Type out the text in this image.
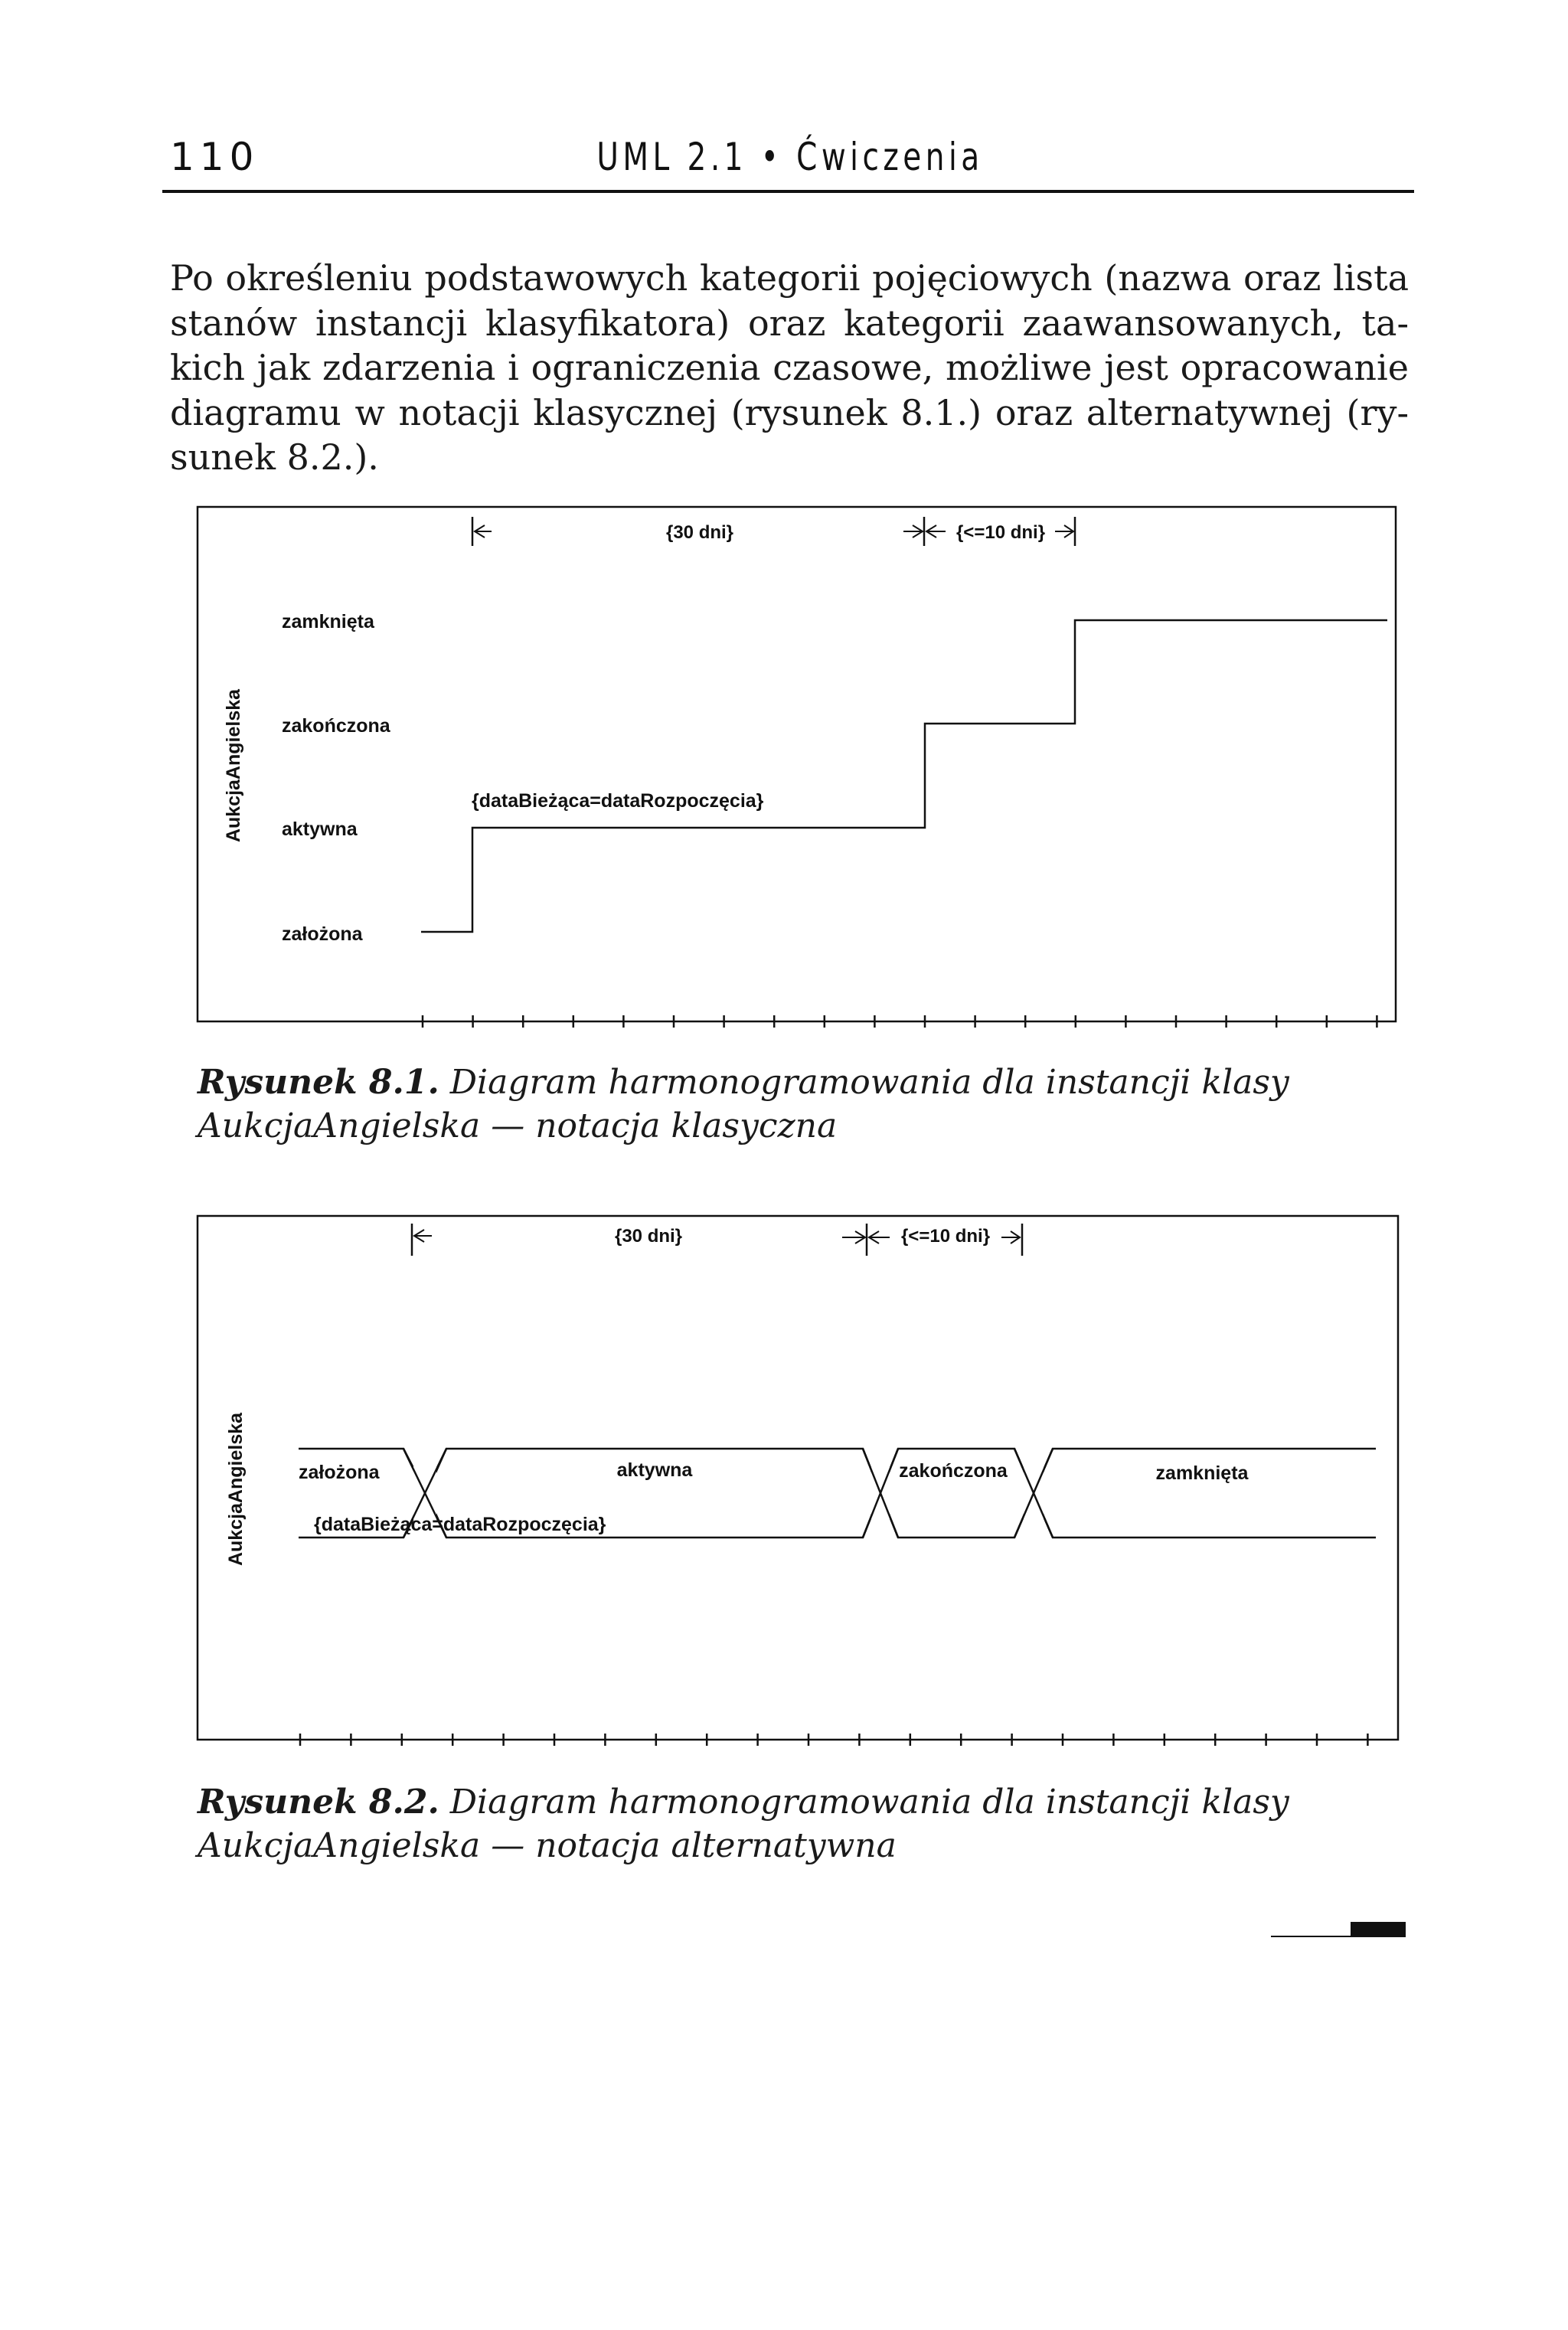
110	UML 2.1 • Ćwiczenia

Po określeniu podstawowych kategorii pojęciowych (nazwa oraz lista stanów instancji klasyfikatora) oraz kategorii zaawansowanych, takich jak zdarzenia i ograniczenia czasowe, możliwe jest opracowanie diagramu w notacji klasycznej (rysunek 8.1.) oraz alternatywnej (rysunek 8.2.).

AukcjaAngielska
zamknięta
zakończona
aktywna
założona
{dataBieżąca=dataRozpoczęcia}
{30 dni}	{<=10 dni}
Rysunek 8.1. Diagram harmonogramowania dla instancji klasy AukcjaAngielska — notacja klasyczna
AukcjaAngielska
{30 dni}	{<=10 dni}
założona	aktywna	zakończona	zamknięta
{dataBieżąca=dataRozpoczęcia}
Rysunek 8.2. Diagram harmonogramowania dla instancji klasy AukcjaAngielska — notacja alternatywna
